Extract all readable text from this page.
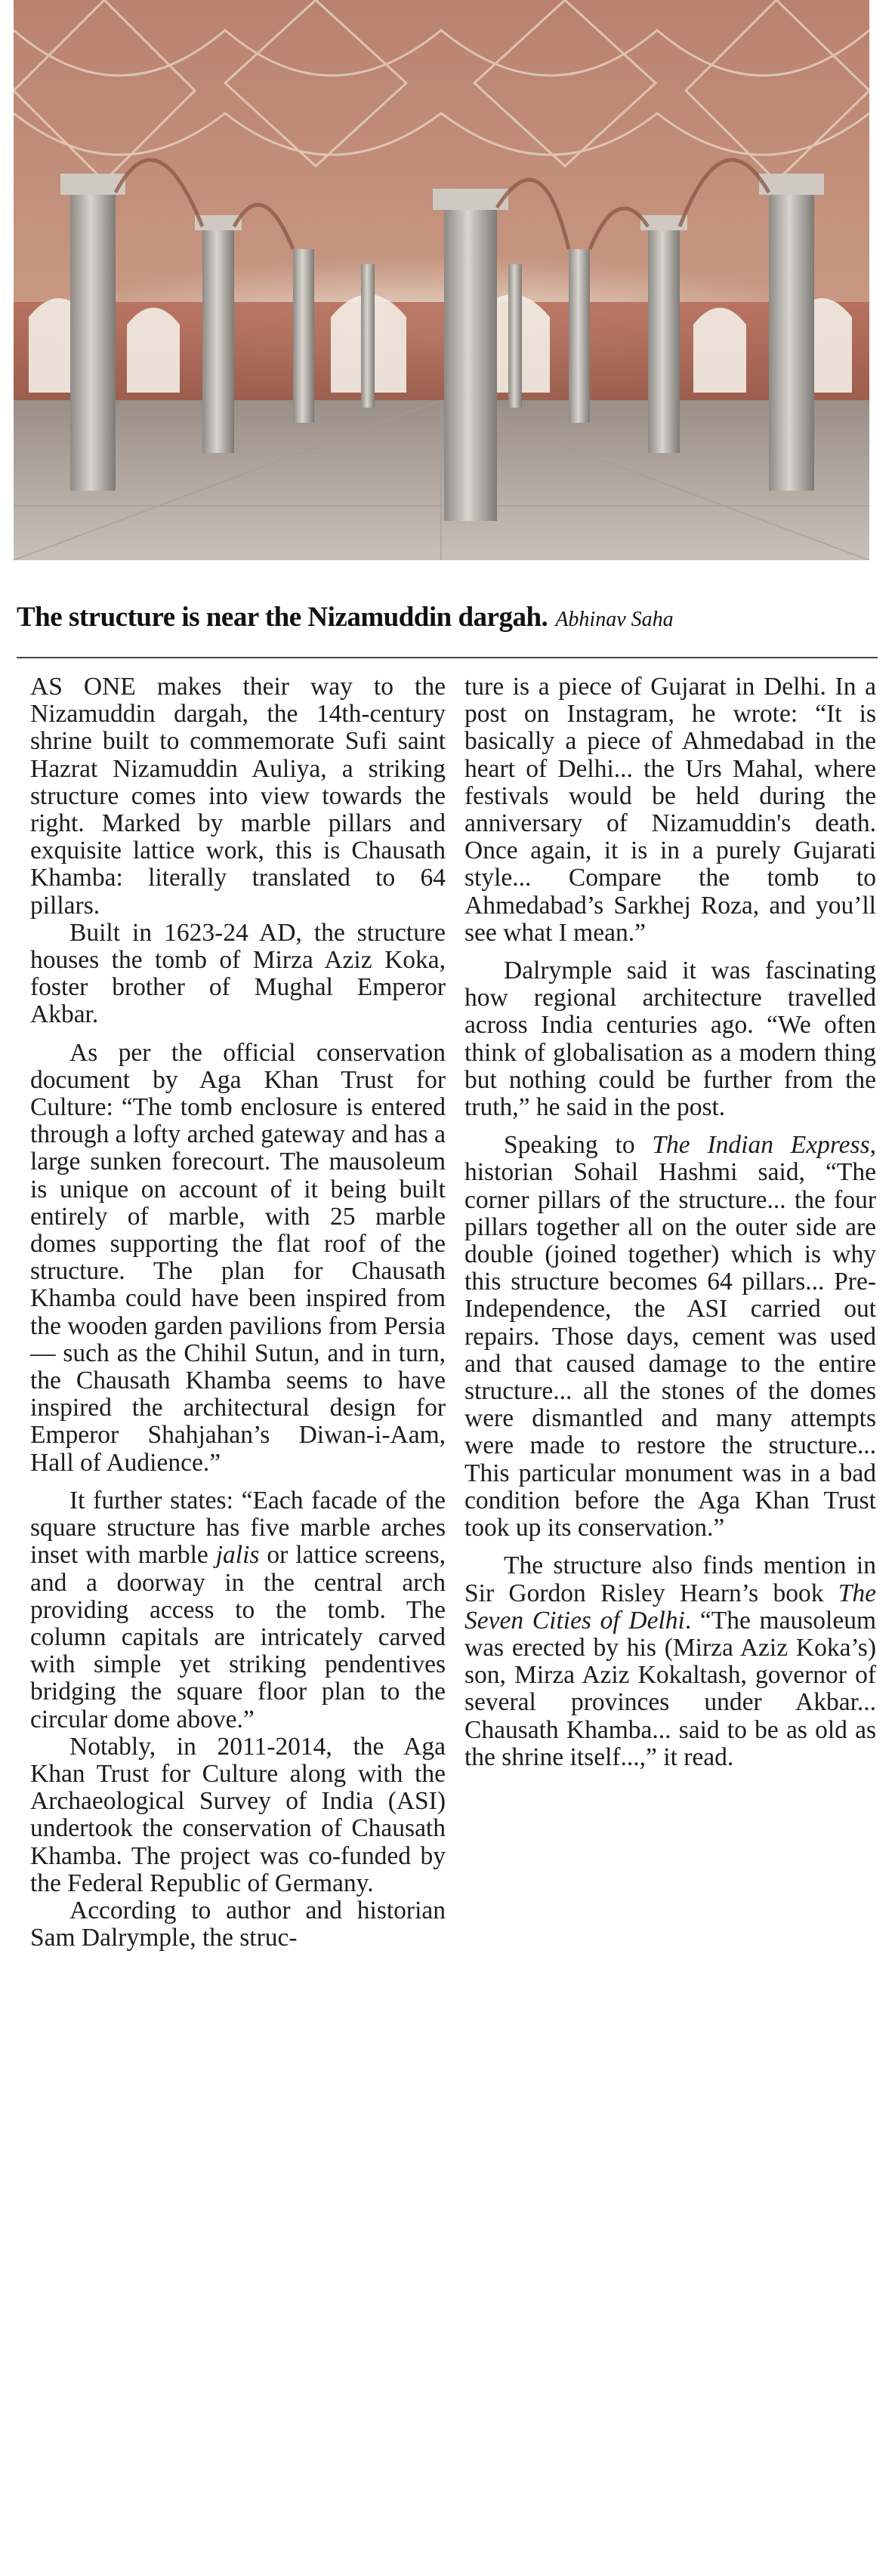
The structure is near the Nizamuddin dargah. Abhinav Saha

AS ONE makes their way to the Nizamuddin dargah, the 14th-century shrine built to commemorate Sufi saint Hazrat Nizamuddin Auliya, a striking structure comes into view towards the right. Marked by marble pillars and exquisite lattice work, this is Chausath Khamba: literally translated to 64 pillars.

Built in 1623-24 AD, the structure houses the tomb of Mirza Aziz Koka, foster brother of Mughal Emperor Akbar.

As per the official conservation document by Aga Khan Trust for Culture: “The tomb enclosure is entered through a lofty arched gateway and has a large sunken forecourt. The mausoleum is unique on account of it being built entirely of marble, with 25 marble domes supporting the flat roof of the structure. The plan for Chausath Khamba could have been inspired from the wooden garden pavilions from Persia — such as the Chihil Sutun, and in turn, the Chausath Khamba seems to have inspired the architectural design for Emperor Shahjahan’s Diwan-i-Aam, Hall of Audience.”

It further states: “Each facade of the square structure has five marble arches inset with marble jalis or lattice screens, and a doorway in the central arch providing access to the tomb. The column capitals are intricately carved with simple yet striking pendentives bridging the square floor plan to the circular dome above.”

Notably, in 2011-2014, the Aga Khan Trust for Culture along with the Archaeological Survey of India (ASI) undertook the conservation of Chausath Khamba. The project was co-funded by the Federal Republic of Germany.

According to author and historian Sam Dalrymple, the struc-

ture is a piece of Gujarat in Delhi. In a post on Instagram, he wrote: “It is basically a piece of Ahmedabad in the heart of Delhi... the Urs Mahal, where festivals would be held during the anniversary of Nizamuddin's death. Once again, it is in a purely Gujarati style... Compare the tomb to Ahmedabad’s Sarkhej Roza, and you’ll see what I mean.”

Dalrymple said it was fascinating how regional architecture travelled across India centuries ago. “We often think of globalisation as a modern thing but nothing could be further from the truth,” he said in the post.

Speaking to The Indian Express, historian Sohail Hashmi said, “The corner pillars of the structure... the four pillars together all on the outer side are double (joined together) which is why this structure becomes 64 pillars... Pre-Independence, the ASI carried out repairs. Those days, cement was used and that caused damage to the entire structure... all the stones of the domes were dismantled and many attempts were made to restore the structure... This particular monument was in a bad condition before the Aga Khan Trust took up its conservation.”

The structure also finds mention in Sir Gordon Risley Hearn’s book The Seven Cities of Delhi. “The mausoleum was erected by his (Mirza Aziz Koka’s) son, Mirza Aziz Kokaltash, governor of several provinces under Akbar... Chausath Khamba... said to be as old as the shrine itself...,” it read.
